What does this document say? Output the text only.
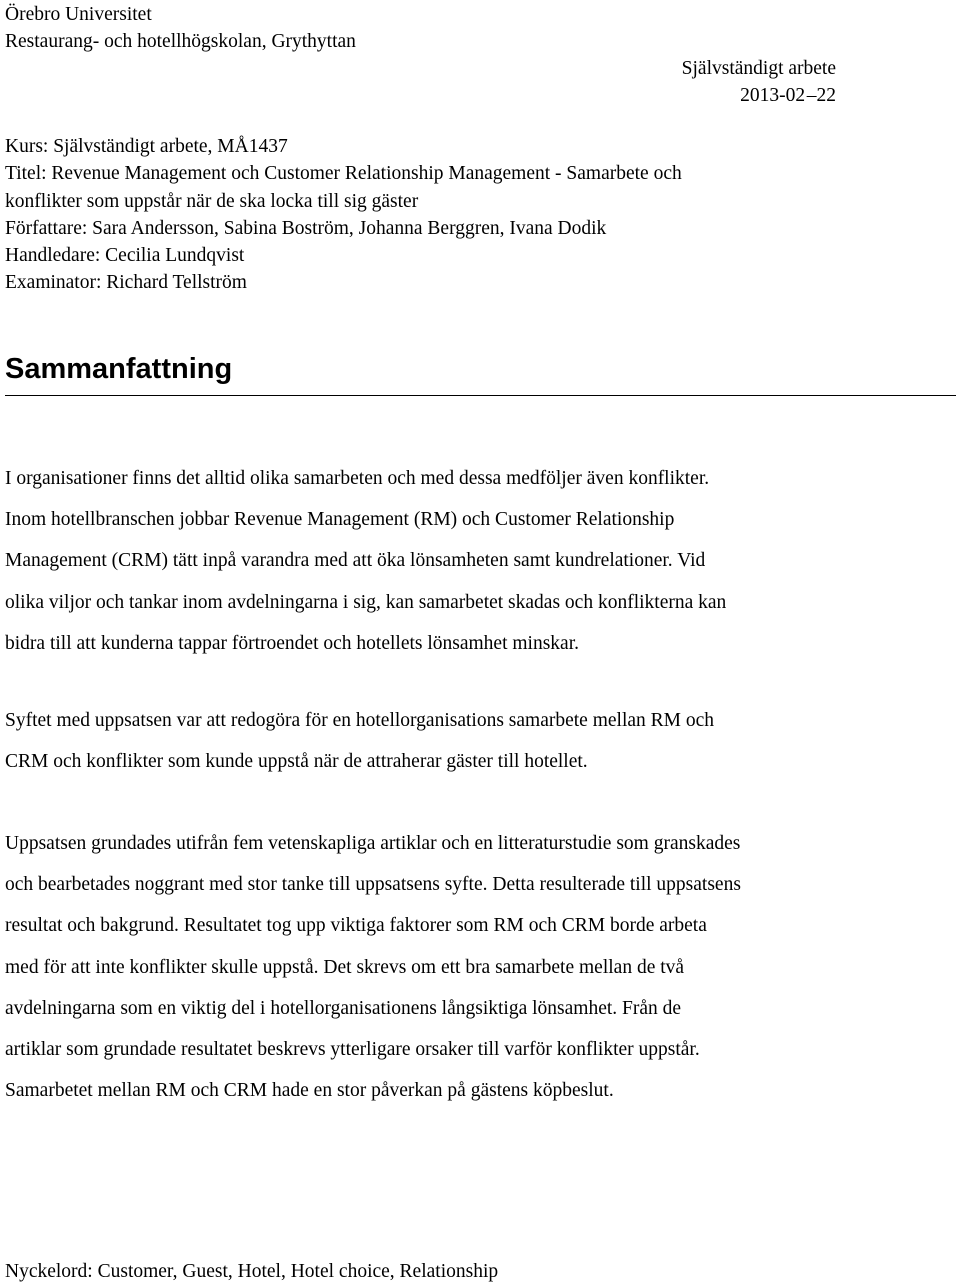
Örebro Universitet
Restaurang- och hotellhögskolan, Grythyttan
Självständigt arbete
2013-02 –22
Kurs: Självständigt arbete, MÅ1437
Titel: Revenue Management och Customer Relationship Management - Samarbete och
konflikter som uppstår när de ska locka till sig gäster
Författare: Sara Andersson, Sabina Boström, Johanna Berggren, Ivana Dodik
Handledare: Cecilia Lundqvist
Examinator: Richard Tellström
Sammanfattning
I organisationer finns det alltid olika samarbeten och med dessa medföljer även konflikter.
Inom hotellbranschen jobbar Revenue Management (RM) och Customer Relationship
Management (CRM) tätt inpå varandra med att öka lönsamheten samt kundrelationer. Vid
olika viljor och tankar inom avdelningarna i sig, kan samarbetet skadas och konflikterna kan
bidra till att kunderna tappar förtroendet och hotellets lönsamhet minskar.
Syftet med uppsatsen var att redogöra för en hotellorganisations samarbete mellan RM och
CRM och konflikter som kunde uppstå när de attraherar gäster till hotellet.
Uppsatsen grundades utifrån fem vetenskapliga artiklar och en litteraturstudie som granskades
och bearbetades noggrant med stor tanke till uppsatsens syfte. Detta resulterade till uppsatsens
resultat och bakgrund. Resultatet tog upp viktiga faktorer som RM och CRM borde arbeta
med för att inte konflikter skulle uppstå. Det skrevs om ett bra samarbete mellan de två
avdelningarna som en viktig del i hotellorganisationens långsiktiga lönsamhet. Från de
artiklar som grundade resultatet beskrevs ytterligare orsaker till varför konflikter uppstår.
Samarbetet mellan RM och CRM hade en stor påverkan på gästens köpbeslut.
Nyckelord: Customer, Guest, Hotel, Hotel choice, Relationship
